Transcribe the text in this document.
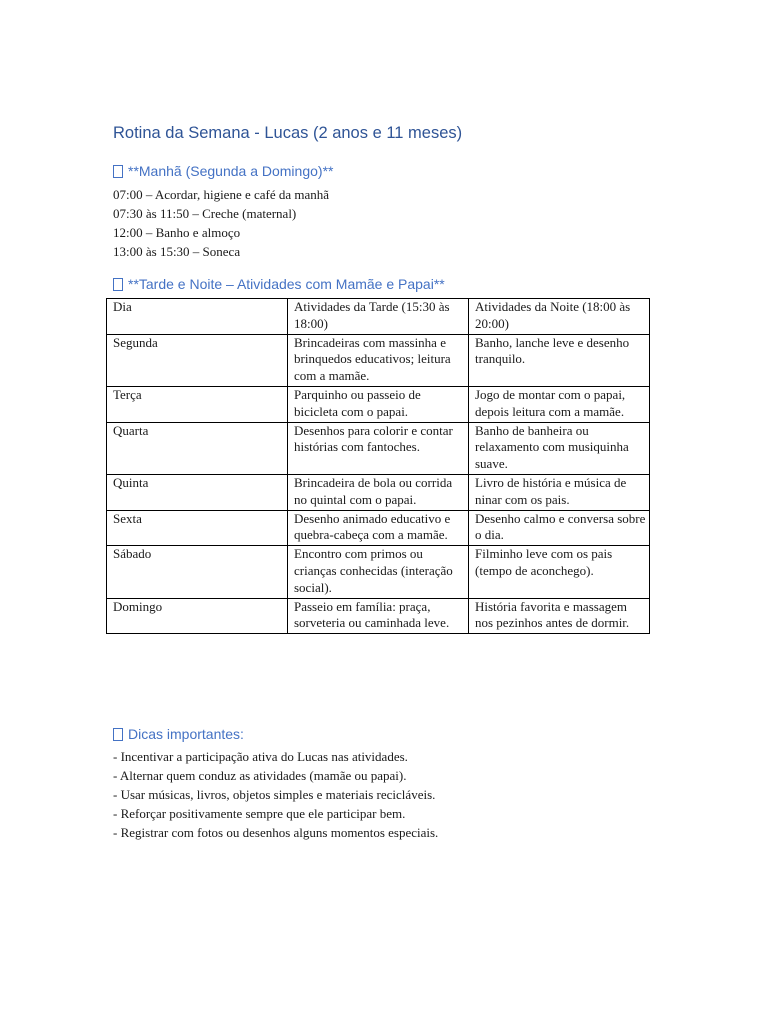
Rotina da Semana - Lucas (2 anos e 11 meses)
**Manhã (Segunda a Domingo)**
07:00 – Acordar, higiene e café da manhã
07:30 às 11:50 – Creche (maternal)
12:00 – Banho e almoço
13:00 às 15:30 – Soneca
**Tarde e Noite – Atividades com Mamãe e Papai**
Dia	Atividades da Tarde (15:30 às 18:00)	Atividades da Noite (18:00 às 20:00)
Segunda	Brincadeiras com massinha e brinquedos educativos; leitura com a mamãe.	Banho, lanche leve e desenho tranquilo.
Terça	Parquinho ou passeio de bicicleta com o papai.	Jogo de montar com o papai, depois leitura com a mamãe.
Quarta	Desenhos para colorir e contar histórias com fantoches.	Banho de banheira ou relaxamento com musiquinha suave.
Quinta	Brincadeira de bola ou corrida no quintal com o papai.	Livro de história e música de ninar com os pais.
Sexta	Desenho animado educativo e quebra-cabeça com a mamãe.	Desenho calmo e conversa sobre o dia.
Sábado	Encontro com primos ou crianças conhecidas (interação social).	Filminho leve com os pais (tempo de aconchego).
Domingo	Passeio em família: praça, sorveteria ou caminhada leve.	História favorita e massagem nos pezinhos antes de dormir.
Dicas importantes:
- Incentivar a participação ativa do Lucas nas atividades.
- Alternar quem conduz as atividades (mamãe ou papai).
- Usar músicas, livros, objetos simples e materiais recicláveis.
- Reforçar positivamente sempre que ele participar bem.
- Registrar com fotos ou desenhos alguns momentos especiais.
